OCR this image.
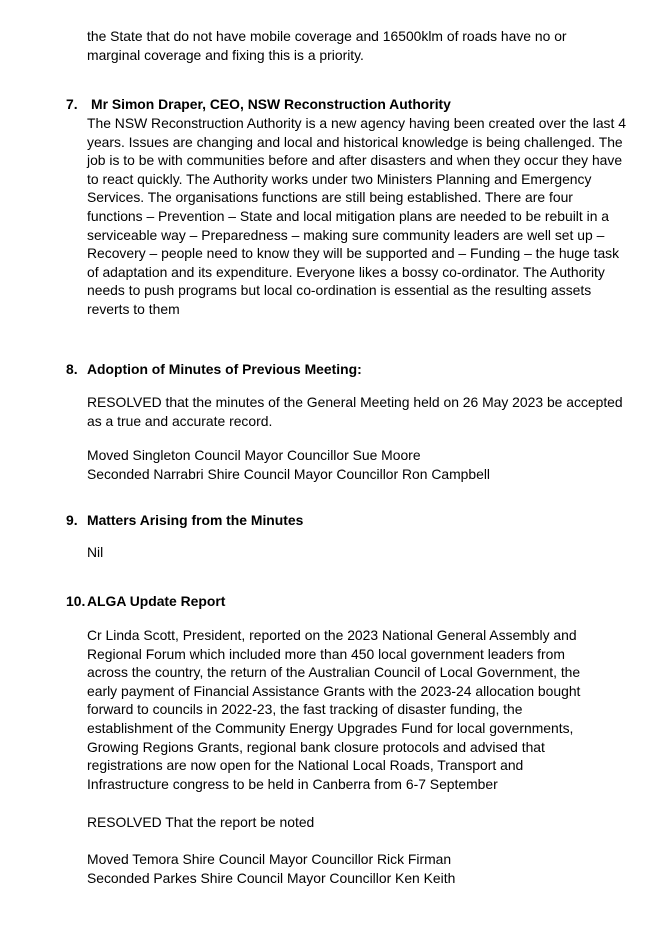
the State that do not have mobile coverage and 16500klm of roads have no or marginal coverage and fixing this is a priority.

7. Mr Simon Draper, CEO, NSW Reconstruction Authority

The NSW Reconstruction Authority is a new agency having been created over the last 4 years. Issues are changing and local and historical knowledge is being challenged. The job is to be with communities before and after disasters and when they occur they have to react quickly. The Authority works under two Ministers Planning and Emergency Services. The organisations functions are still being established. There are four functions – Prevention – State and local mitigation plans are needed to be rebuilt in a serviceable way – Preparedness – making sure community leaders are well set up – Recovery – people need to know they will be supported and – Funding – the huge task of adaptation and its expenditure. Everyone likes a bossy co-ordinator. The Authority needs to push programs but local co-ordination is essential as the resulting assets reverts to them

8. Adoption of Minutes of Previous Meeting:

RESOLVED that the minutes of the General Meeting held on 26 May 2023 be accepted as a true and accurate record.

Moved Singleton Council Mayor Councillor Sue Moore

Seconded Narrabri Shire Council Mayor Councillor Ron Campbell

9. Matters Arising from the Minutes

Nil

10. ALGA Update Report

Cr Linda Scott, President, reported on the 2023 National General Assembly and Regional Forum which included more than 450 local government leaders from across the country, the return of the Australian Council of Local Government, the early payment of Financial Assistance Grants with the 2023-24 allocation bought forward to councils in 2022-23, the fast tracking of disaster funding, the establishment of the Community Energy Upgrades Fund for local governments, Growing Regions Grants, regional bank closure protocols and advised that registrations are now open for the National Local Roads, Transport and Infrastructure congress to be held in Canberra from 6-7 September

RESOLVED That the report be noted

Moved Temora Shire Council Mayor Councillor Rick Firman

Seconded Parkes Shire Council Mayor Councillor Ken Keith
